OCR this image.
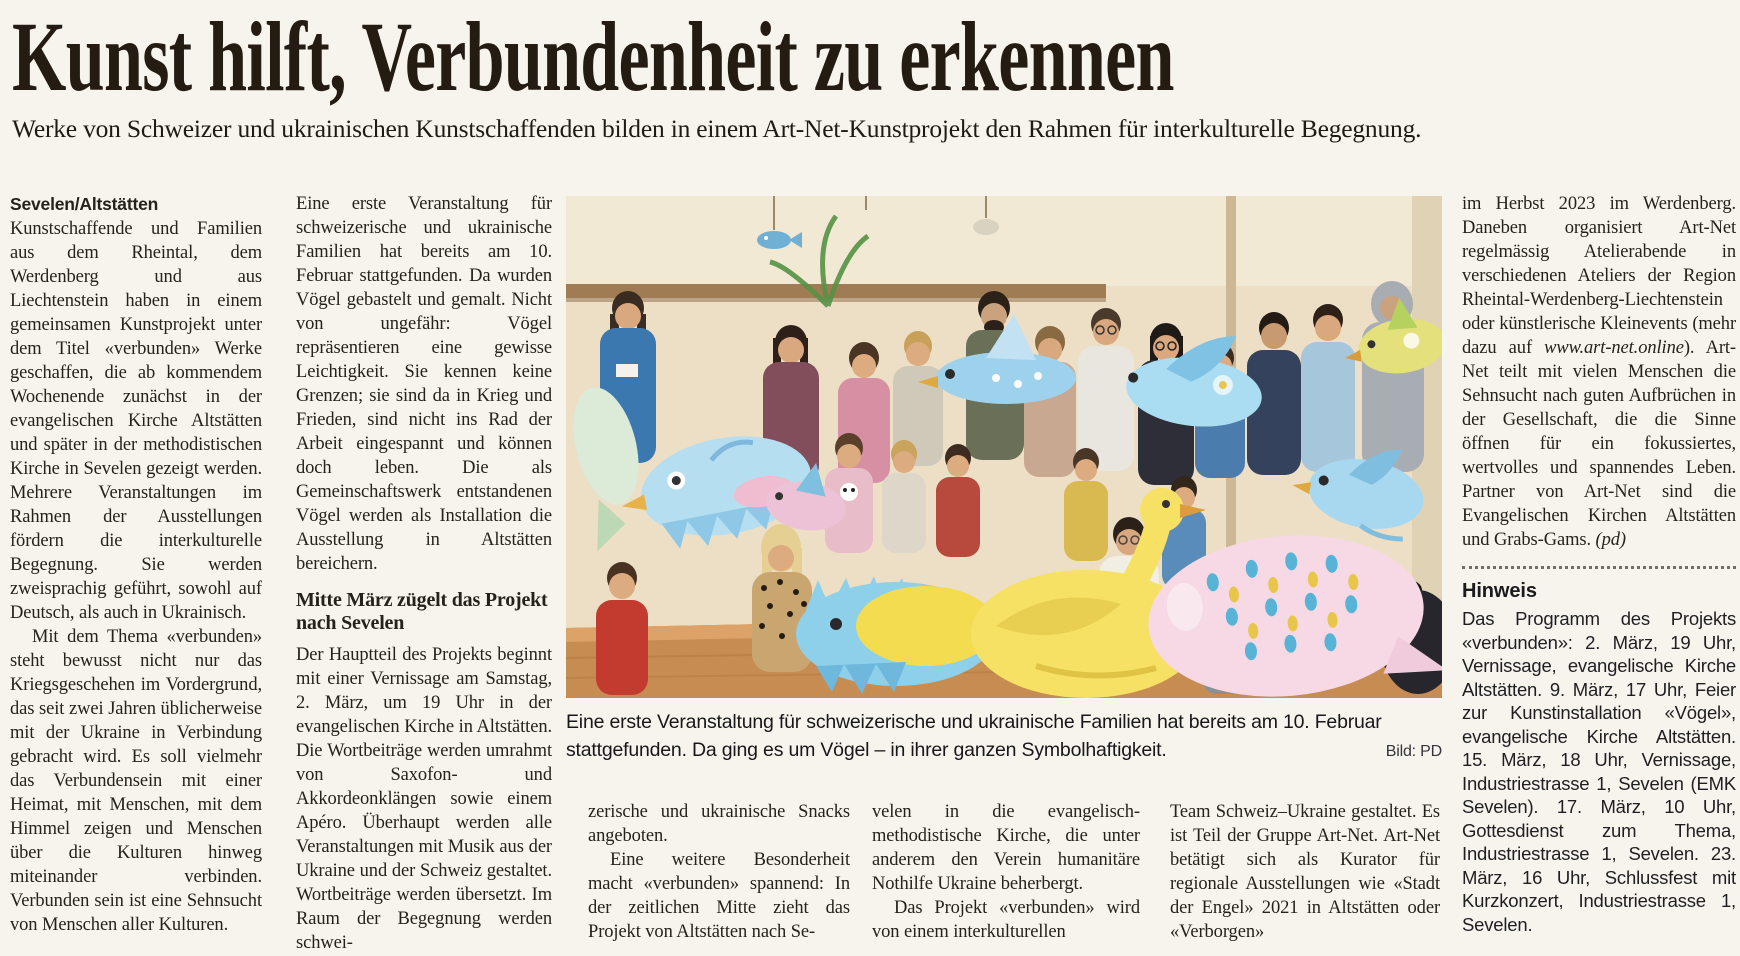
Kunst hilft, Verbundenheit zu erkennen

Werke von Schweizer und ukrainischen Kunstschaffenden bilden in einem Art-Net-Kunstprojekt den Rahmen für interkulturelle Begegnung.

Sevelen/Altstätten Kunstschaffende und Familien aus dem Rheintal, dem Werdenberg und aus Liechtenstein haben in einem gemeinsamen Kunstprojekt unter dem Titel «verbunden» Werke geschaffen, die ab kommendem Wochenende zunächst in der evangelischen Kirche Altstätten und später in der methodistischen Kirche in Sevelen gezeigt werden. Mehrere Veranstaltungen im Rahmen der Ausstellungen fördern die interkulturelle Begegnung. Sie werden zweisprachig geführt, sowohl auf Deutsch, als auch in Ukrainisch.

Mit dem Thema «verbunden» steht bewusst nicht nur das Kriegsgeschehen im Vordergrund, das seit zwei Jahren üblicherweise mit der Ukraine in Verbindung gebracht wird. Es soll vielmehr das Verbundensein mit einer Heimat, mit Menschen, mit dem Himmel zeigen und Menschen über die Kulturen hinweg miteinander verbinden. Verbunden sein ist eine Sehnsucht von Menschen aller Kulturen.

Eine erste Veranstaltung für schweizerische und ukrainische Familien hat bereits am 10. Februar stattgefunden. Da wurden Vögel gebastelt und gemalt. Nicht von ungefähr: Vögel repräsentieren eine gewisse Leichtigkeit. Sie kennen keine Grenzen; sie sind da in Krieg und Frieden, sind nicht ins Rad der Arbeit eingespannt und können doch leben. Die als Gemeinschaftswerk entstandenen Vögel werden als Installation die Ausstellung in Altstätten bereichern.

Mitte März zügelt das Projekt nach Sevelen

Der Hauptteil des Projekts beginnt mit einer Vernissage am Samstag, 2. März, um 19 Uhr in der evangelischen Kirche in Altstätten. Die Wortbeiträge werden umrahmt von Saxofon- und Akkordeonklängen sowie einem Apéro. Überhaupt werden alle Veranstaltungen mit Musik aus der Ukraine und der Schweiz gestaltet. Wortbeiträge werden übersetzt. Im Raum der Begegnung werden schwei-

Eine erste Veranstaltung für schweizerische und ukrainische Familien hat bereits am 10. Februar stattgefunden. Da ging es um Vögel – in ihrer ganzen Symbolhaftigkeit.	Bild: PD

zerische und ukrainische Snacks angeboten.

Eine weitere Besonderheit macht «verbunden» spannend: In der zeitlichen Mitte zieht das Projekt von Altstätten nach Se-

velen in die evangelisch-methodistische Kirche, die unter anderem den Verein humanitäre Nothilfe Ukraine beherbergt.

Das Projekt «verbunden» wird von einem interkulturellen

Team Schweiz–Ukraine gestaltet. Es ist Teil der Gruppe Art-Net. Art-Net betätigt sich als Kurator für regionale Ausstellungen wie «Stadt der Engel» 2021 in Altstätten oder «Verborgen»

im Herbst 2023 im Werdenberg. Daneben organisiert Art-Net regelmässig Atelierabende in verschiedenen Ateliers der Region Rheintal-Werdenberg-Liechtenstein oder künstlerische Kleinevents (mehr dazu auf www.art-net.online). Art-Net teilt mit vielen Menschen die Sehnsucht nach guten Aufbrüchen in der Gesellschaft, die die Sinne öffnen für ein fokussiertes, wertvolles und spannendes Leben. Partner von Art-Net sind die Evangelischen Kirchen Altstätten und Grabs-Gams. (pd)

Hinweis

Das Programm des Projekts «verbunden»: 2. März, 19 Uhr, Vernissage, evangelische Kirche Altstätten. 9. März, 17 Uhr, Feier zur Kunstinstallation «Vögel», evangelische Kirche Altstätten. 15. März, 18 Uhr, Vernissage, Industriestrasse 1, Sevelen (EMK Sevelen). 17. März, 10 Uhr, Gottesdienst zum Thema, Industriestrasse 1, Sevelen. 23. März, 16 Uhr, Schlussfest mit Kurzkonzert, Industriestrasse 1, Sevelen.
